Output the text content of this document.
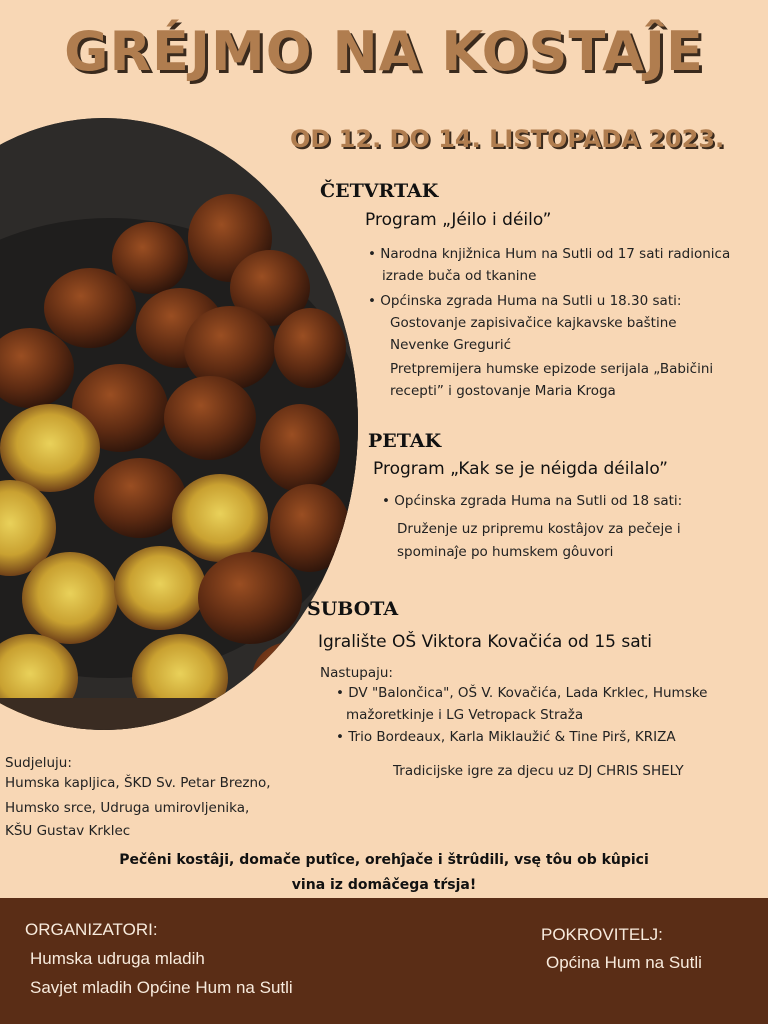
GRÉJMO NA KOSTAĴE
OD 12. DO 14. LISTOPADA 2023.
ČETVRTAK
Program „Jéilo i déilo”
• Narodna knjižnica Hum na Sutli od 17 sati radionica
izrade buča od tkanine
• Općinska zgrada Huma na Sutli u 18.30 sati:
Gostovanje zapisivačice kajkavske baštine
Nevenke Gregurić
Pretpremijera humske epizode serijala „Babičini
recepti” i gostovanje Maria Kroga
PETAK
Program „Kak se je néigda déilalo”
• Općinska zgrada Huma na Sutli od 18 sati:
Druženje uz pripremu kostâjov za pečeje i
spominaĵe po humskem gôuvori
SUBOTA
Igralište OŠ Viktora Kovačića od 15 sati
Nastupaju:
• DV "Balončica", OŠ V. Kovačića, Lada Krklec, Humske
mažoretkinje i LG Vetropack Straža
• Trio Bordeaux, Karla Miklaužić & Tine Pirš, KRIZA
Tradicijske igre za djecu uz DJ CHRIS SHELY
Sudjeluju:
Humska kapljica, ŠKD Sv. Petar Brezno,
Humsko srce, Udruga umirovljenika,
KŠU Gustav Krklec
Pečêni kostâji, domače putîce, orehĵače i štrûdili, vsę tôu ob kûpici
vina iz domâčega tŕsja!
ORGANIZATORI:
Humska udruga mladih
Savjet mladih Općine Hum na Sutli
POKROVITELJ:
Općina Hum na Sutli
